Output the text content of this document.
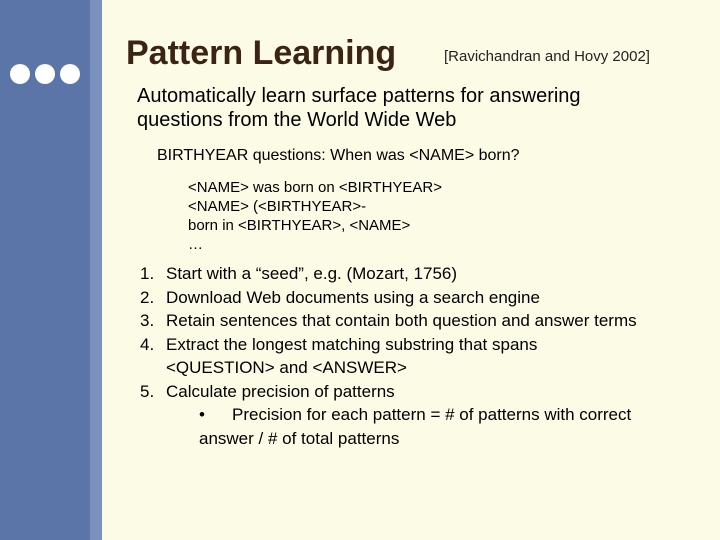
Pattern Learning	[Ravichandran and Hovy 2002]
Automatically learn surface patterns for answering
questions from the World Wide Web
BIRTHYEAR questions: When was <NAME> born?
<NAME> was born on <BIRTHYEAR>
<NAME> (<BIRTHYEAR>-
born in <BIRTHYEAR>, <NAME>
…
1. Start with a “seed”, e.g. (Mozart, 1756)
2. Download Web documents using a search engine
3. Retain sentences that contain both question and answer terms
4. Extract the longest matching substring that spans
<QUESTION> and <ANSWER>
5. Calculate precision of patterns
•	Precision for each pattern = # of patterns with correct
answer / # of total patterns
